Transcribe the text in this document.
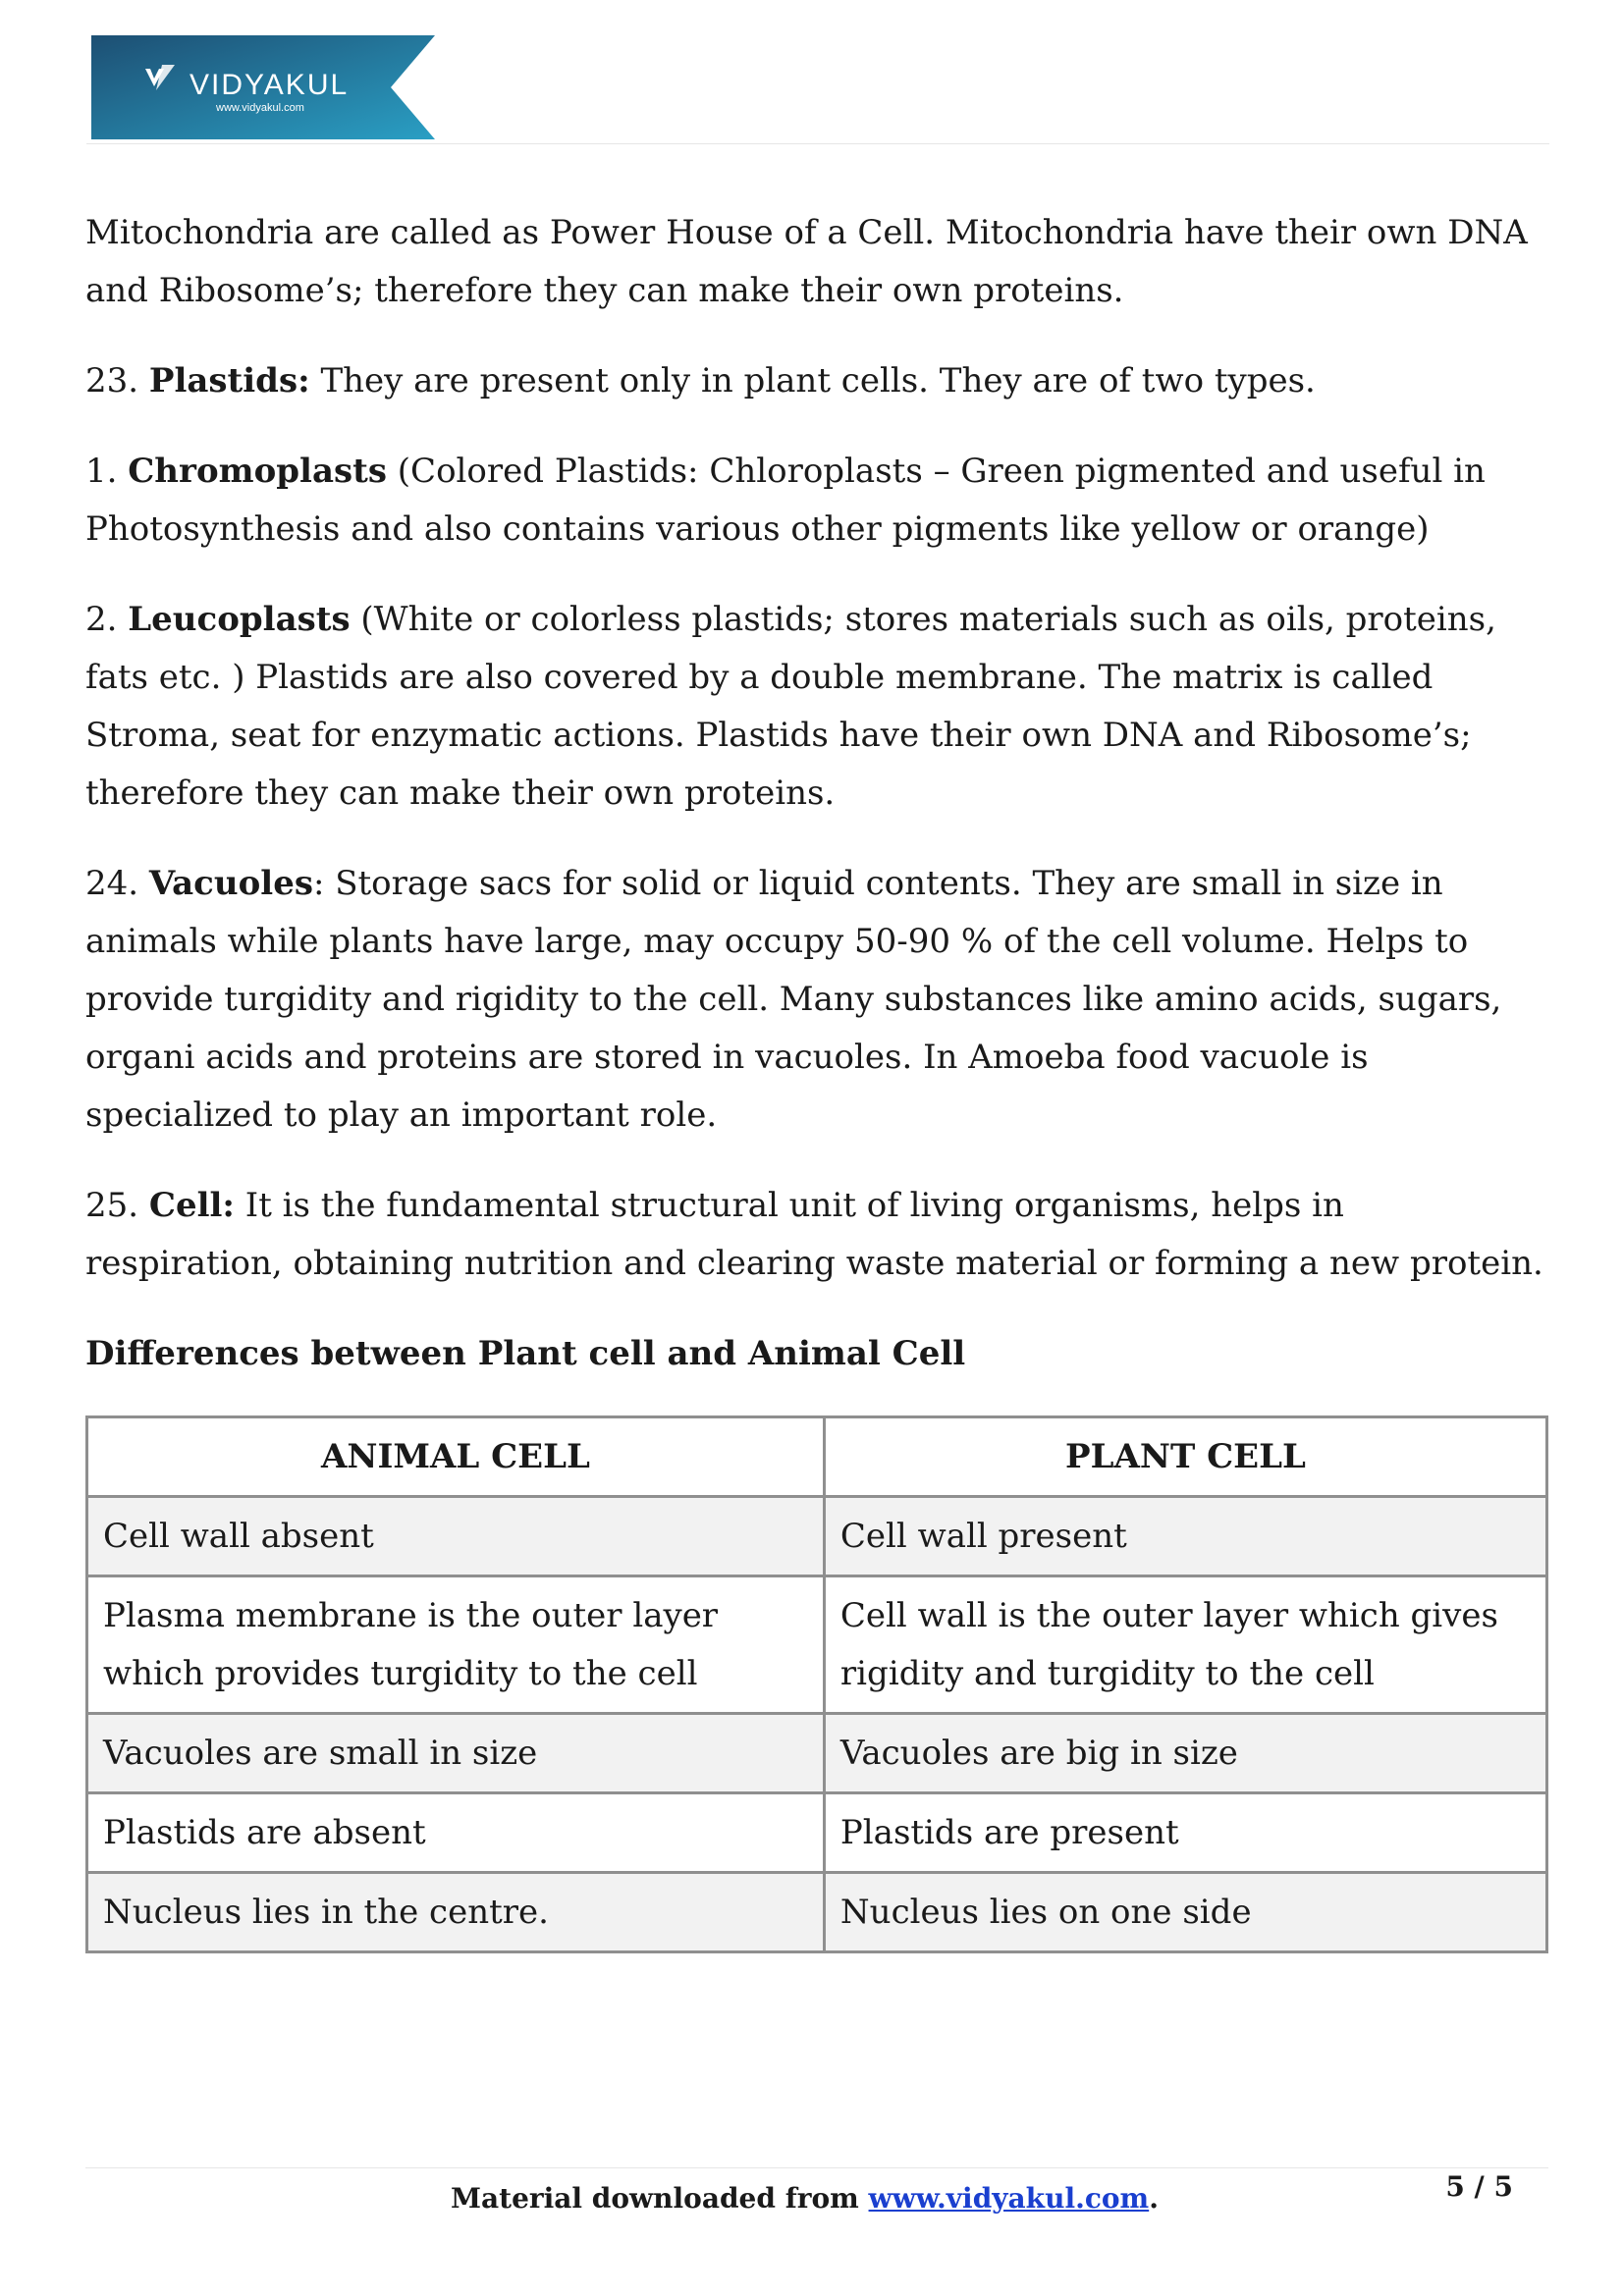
VIDYAKUL
www.vidyakul.com

Mitochondria are called as Power House of a Cell. Mitochondria have their own DNA and Ribosome’s; therefore they can make their own proteins.

23. Plastids: They are present only in plant cells. They are of two types.

1. Chromoplasts (Colored Plastids: Chloroplasts – Green pigmented and useful in Photosynthesis and also contains various other pigments like yellow or orange)

2. Leucoplasts (White or colorless plastids; stores materials such as oils, proteins, fats etc. ) Plastids are also covered by a double membrane. The matrix is called Stroma, seat for enzymatic actions. Plastids have their own DNA and Ribosome’s; therefore they can make their own proteins.

24. Vacuoles: Storage sacs for solid or liquid contents. They are small in size in animals while plants have large, may occupy 50-90 % of the cell volume. Helps to provide turgidity and rigidity to the cell. Many substances like amino acids, sugars, organi acids and proteins are stored in vacuoles. In Amoeba food vacuole is specialized to play an important role.

25. Cell: It is the fundamental structural unit of living organisms, helps in respiration, obtaining nutrition and clearing waste material or forming a new protein.

Differences between Plant cell and Animal Cell
ANIMAL CELL	PLANT CELL
Cell wall absent	Cell wall present
Plasma membrane is the outer layer which provides turgidity to the cell	Cell wall is the outer layer which gives rigidity and turgidity to the cell
Vacuoles are small in size	Vacuoles are big in size
Plastids are absent	Plastids are present
Nucleus lies in the centre.	Nucleus lies on one side
Material downloaded from www.vidyakul.com.	5 / 5
